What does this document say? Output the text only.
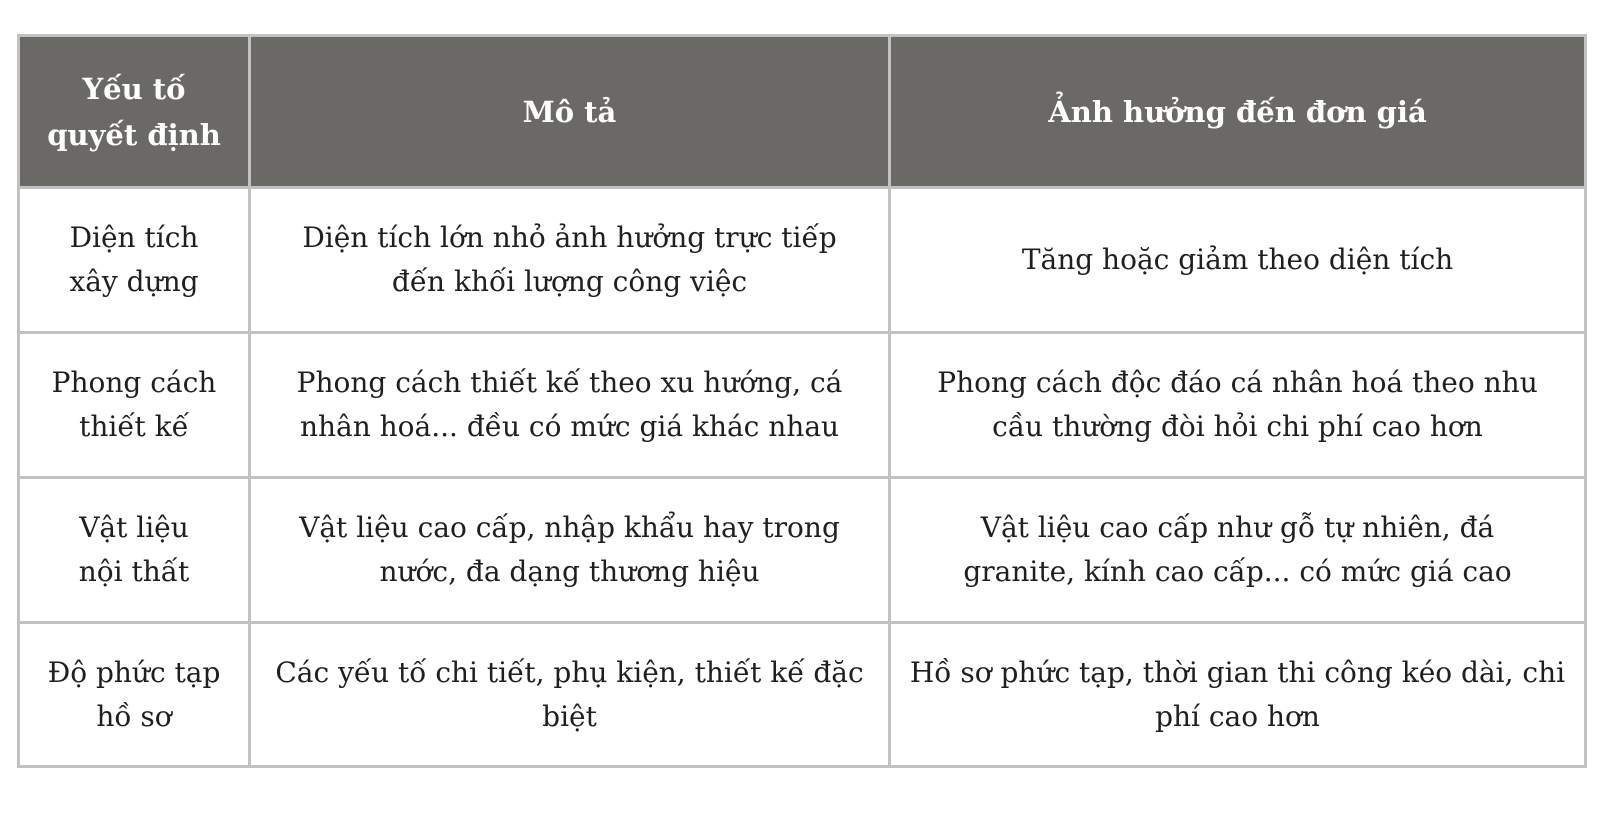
Yếu tố quyết định	Mô tả	Ảnh hưởng đến đơn giá
Diện tích xây dựng	Diện tích lớn nhỏ ảnh hưởng trực tiếp đến khối lượng công việc	Tăng hoặc giảm theo diện tích
Phong cách thiết kế	Phong cách thiết kế theo xu hướng, cá nhân hoá... đều có mức giá khác nhau	Phong cách độc đáo cá nhân hoá theo nhu cầu thường đòi hỏi chi phí cao hơn
Vật liệu nội thất	Vật liệu cao cấp, nhập khẩu hay trong nước, đa dạng thương hiệu	Vật liệu cao cấp như gỗ tự nhiên, đá granite, kính cao cấp... có mức giá cao
Độ phức tạp hồ sơ	Các yếu tố chi tiết, phụ kiện, thiết kế đặc biệt	Hồ sơ phức tạp, thời gian thi công kéo dài, chi phí cao hơn
